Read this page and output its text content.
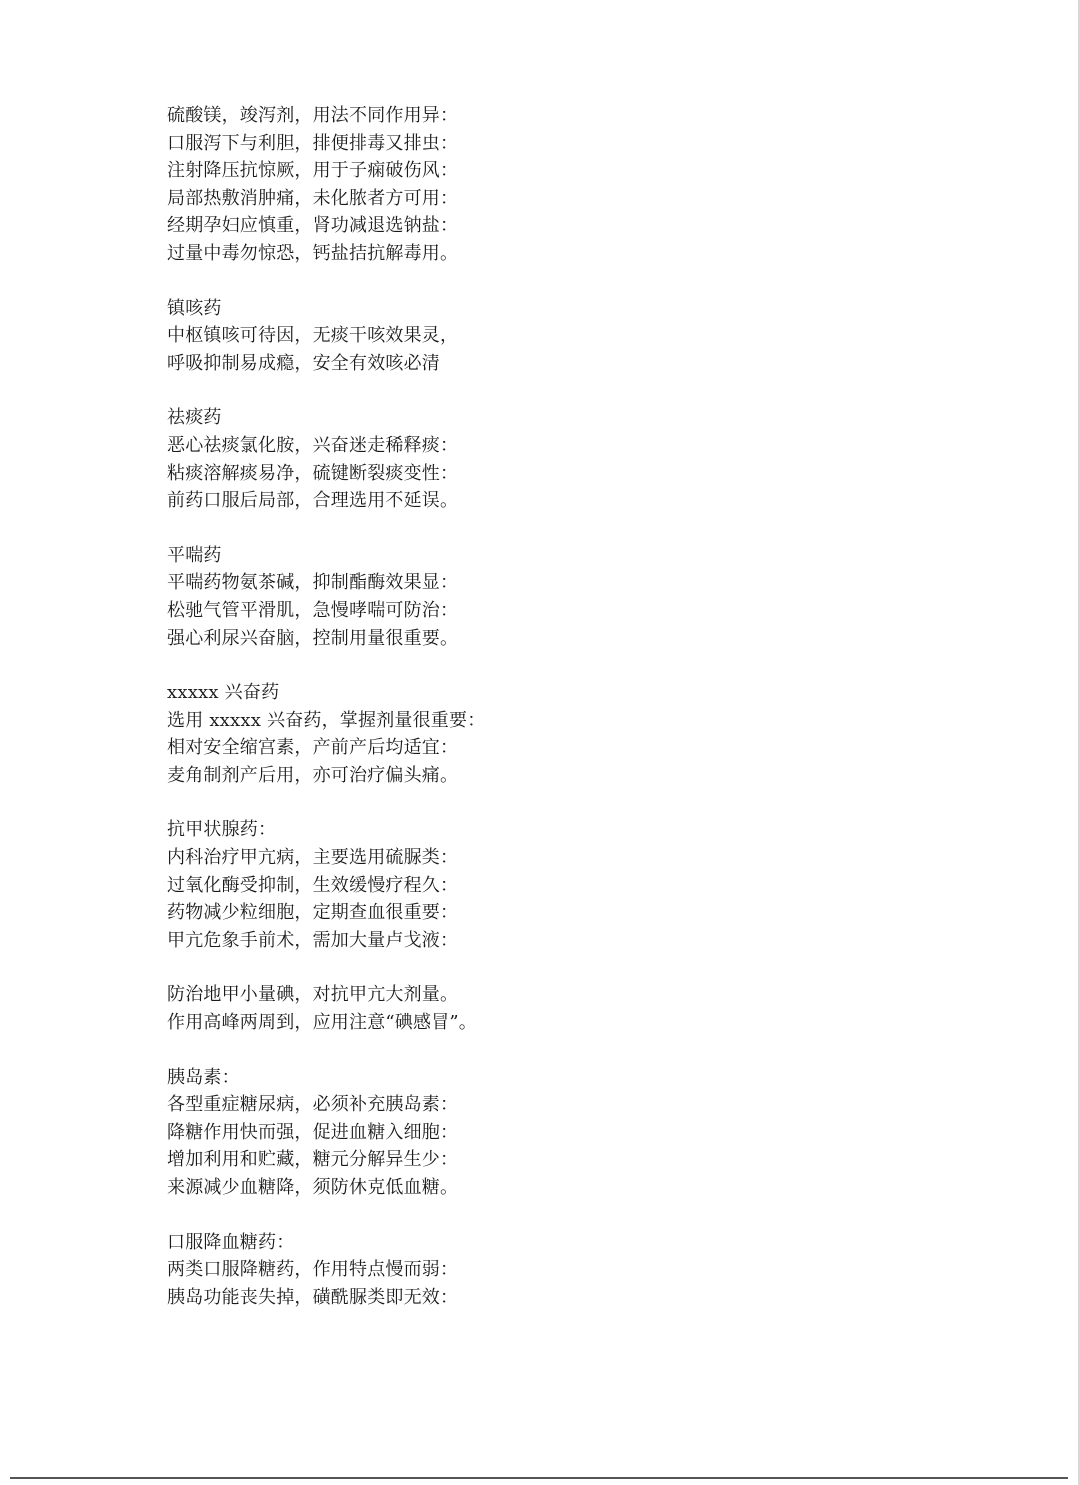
硫酸镁，竣泻剂，用法不同作用异：
口服泻下与利胆，排便排毒又排虫：
注射降压抗惊厥，用于子痫破伤风：
局部热敷消肿痛，未化脓者方可用：
经期孕妇应慎重，肾功减退选钠盐：
过量中毒勿惊恐，钙盐拮抗解毒用。
镇咳药
中枢镇咳可待因，无痰干咳效果灵，
呼吸抑制易成瘾，安全有效咳必清
祛痰药
恶心祛痰氯化胺，兴奋迷走稀释痰：
粘痰溶解痰易净，硫键断裂痰变性：
前药口服后局部，合理选用不延误。
平喘药
平喘药物氨茶碱，抑制酯酶效果显：
松驰气管平滑肌，急慢哮喘可防治：
强心利尿兴奋脑，控制用量很重要。
xxxxx 兴奋药
选用 xxxxx 兴奋药，掌握剂量很重要：
相对安全缩宫素，产前产后均适宜：
麦角制剂产后用，亦可治疗偏头痛。
抗甲状腺药：
内科治疗甲亢病，主要选用硫脲类：
过氧化酶受抑制，生效缓慢疗程久：
药物减少粒细胞，定期查血很重要：
甲亢危象手前术，需加大量卢戈液：
防治地甲小量碘，对抗甲亢大剂量。
作用高峰两周到，应用注意“碘感冒”。
胰岛素：
各型重症糖尿病，必须补充胰岛素：
降糖作用快而强，促进血糖入细胞：
增加利用和贮藏，糖元分解异生少：
来源减少血糖降，须防休克低血糖。
口服降血糖药：
两类口服降糖药，作用特点慢而弱：
胰岛功能丧失掉，磺酰脲类即无效：
